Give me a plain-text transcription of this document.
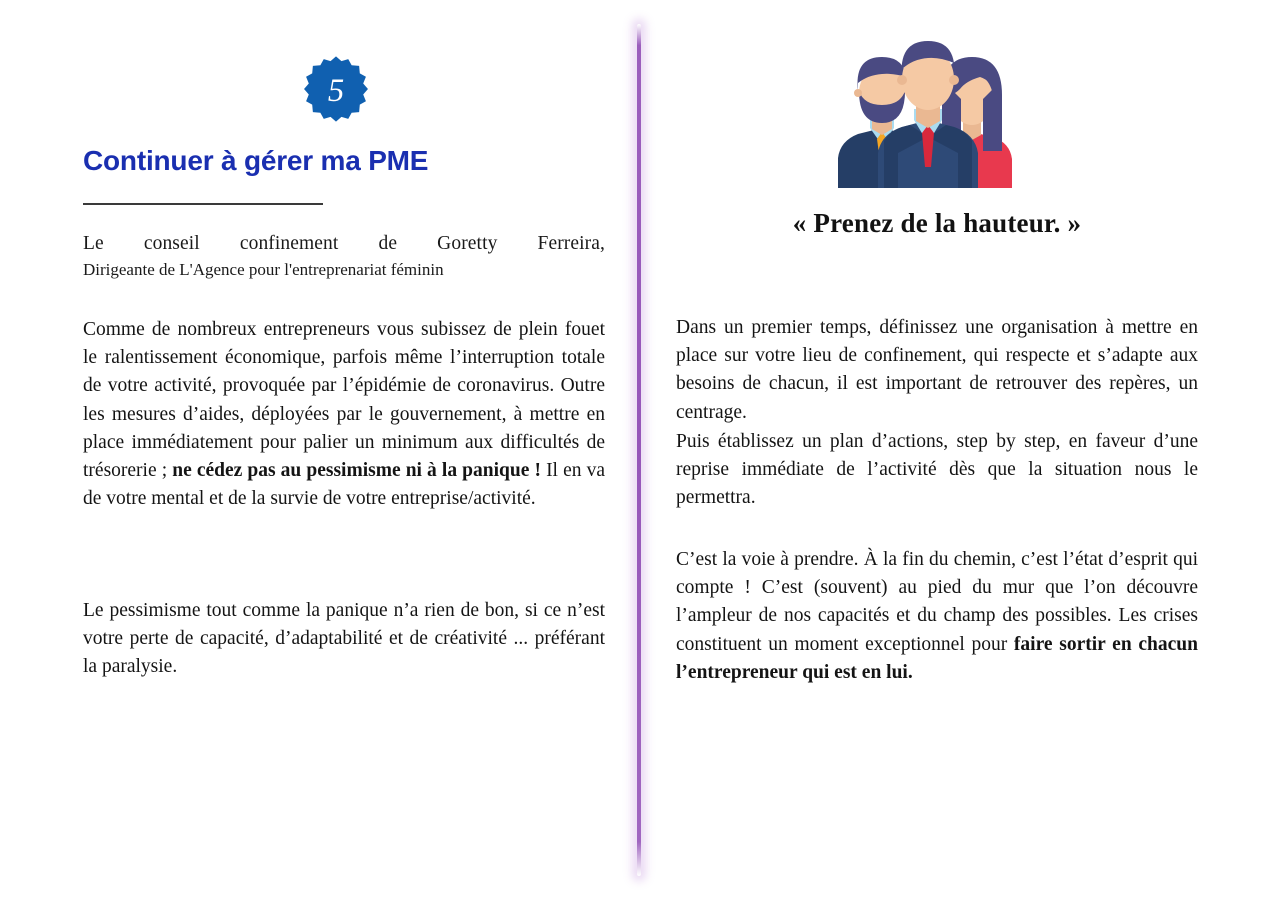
5
Continuer à gérer ma PME

Le conseil confinement de Goretty Ferreira,

Dirigeante de L'Agence pour l'entreprenariat féminin

Comme de nombreux entrepreneurs vous subissez de plein fouet le ralentissement économique, parfois même l’interruption totale de votre activité, provoquée par l’épidémie de coronavirus. Outre les mesures d’aides, déployées par le gouvernement, à mettre en place immédiatement pour palier un minimum aux difficultés de trésorerie ; ne cédez pas au pessimisme ni à la panique ! Il en va de votre mental et de la survie de votre entreprise/activité.

Le pessimisme tout comme la panique n’a rien de bon, si ce n’est votre perte de capacité, d’adaptabilité et de créativité ... préférant la paralysie.

« Prenez de la hauteur. »

Dans un premier temps, définissez une organisation à mettre en place sur votre lieu de confinement, qui respecte et s’adapte aux besoins de chacun, il est important de retrouver des repères, un centrage.

Puis établissez un plan d’actions, step by step, en faveur d’une reprise immédiate de l’activité dès que la situation nous le permettra.

C’est la voie à prendre. À la fin du chemin, c’est l’état d’esprit qui compte ! C’est (souvent) au pied du mur que l’on découvre l’ampleur de nos capacités et du champ des possibles. Les crises constituent un moment exceptionnel pour faire sortir en chacun l’entrepreneur qui est en lui.
